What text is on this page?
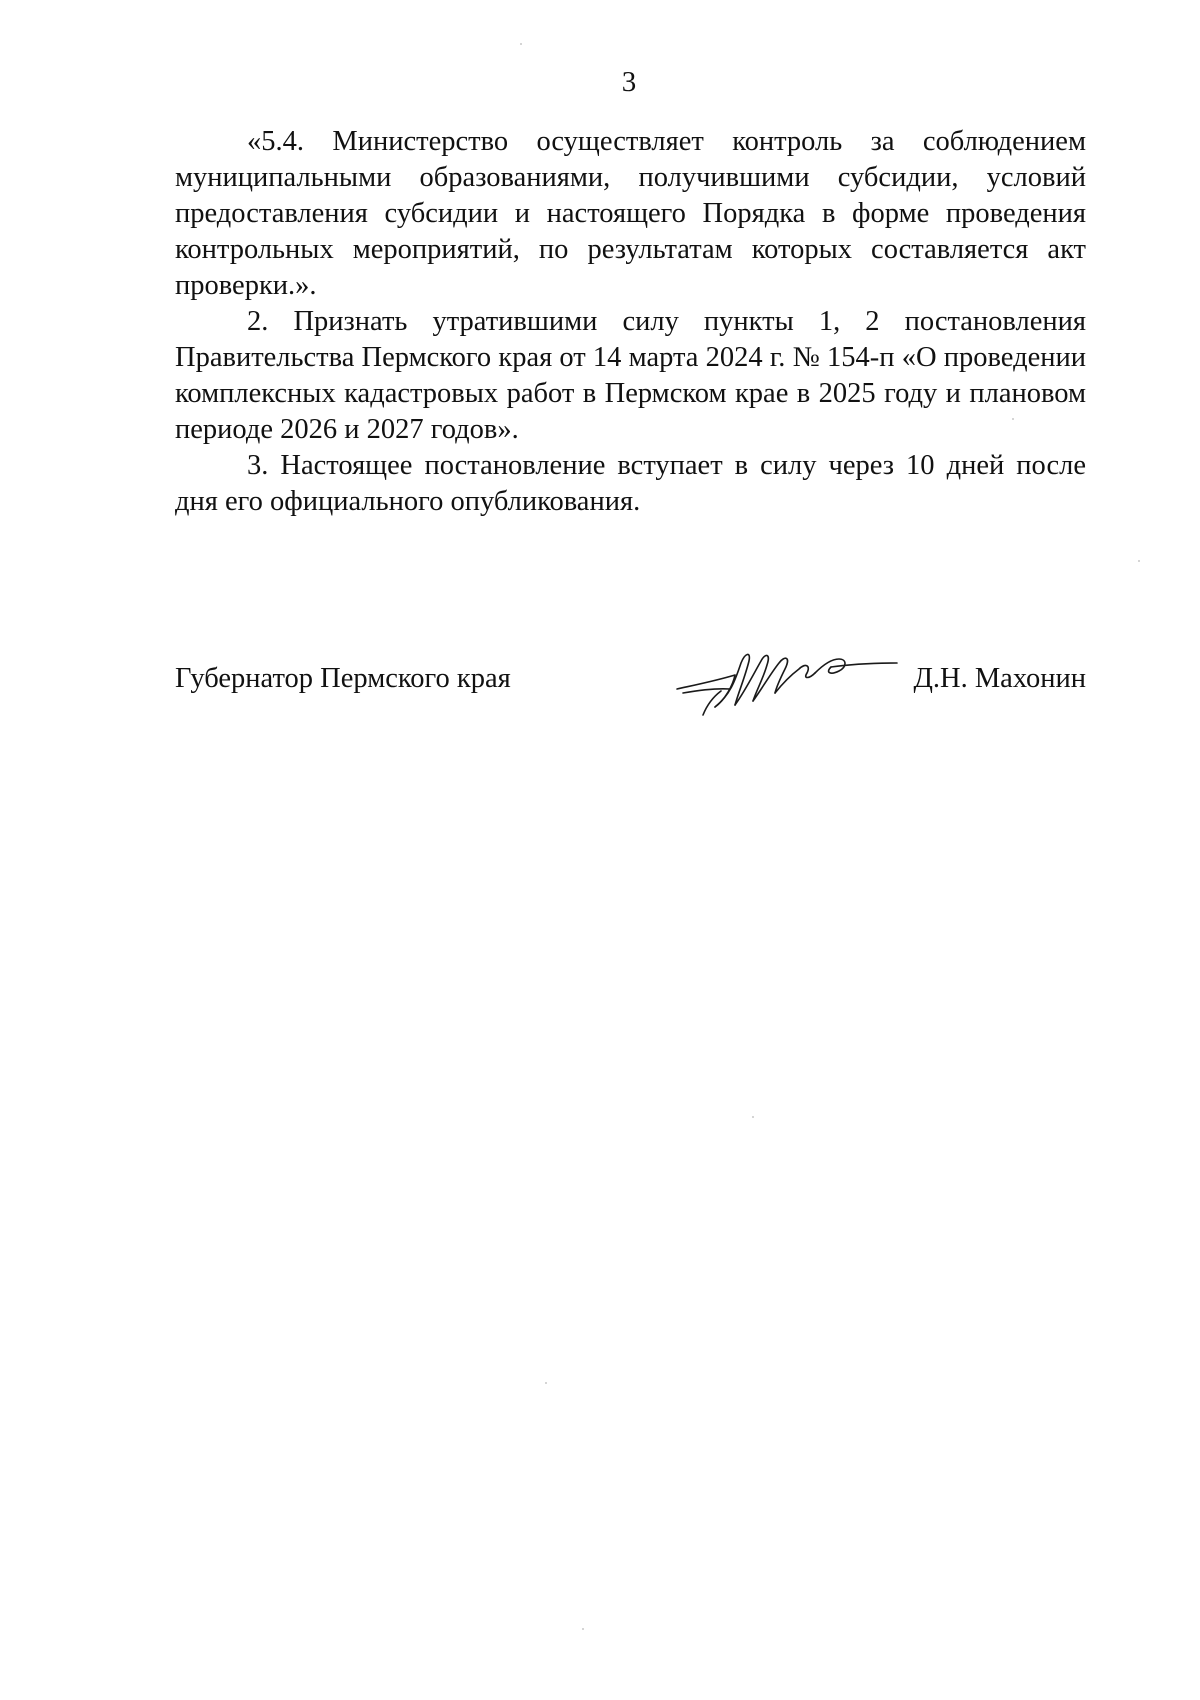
3

«5.4. Министерство осуществляет контроль за соблюдением муниципальными образованиями, получившими субсидии, условий предоставления субсидии и настоящего Порядка в форме проведения контрольных мероприятий, по результатам которых составляется акт проверки.».

2. Признать утратившими силу пункты 1, 2 постановления Правительства Пермского края от 14 марта 2024 г. № 154-п «О проведении комплексных кадастровых работ в Пермском крае в 2025 году и плановом периоде 2026 и 2027 годов».

3. Настоящее постановление вступает в силу через 10 дней после дня его официального опубликования.

Губернатор Пермского края	Д.Н. Махонин
